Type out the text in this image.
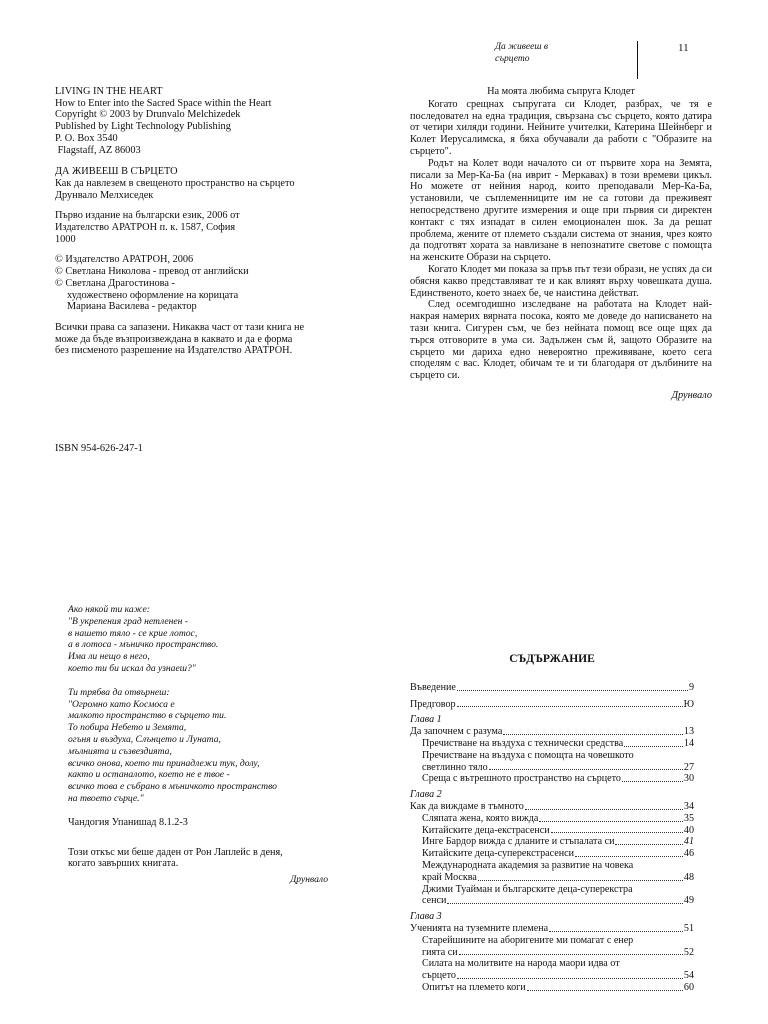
Да живееш в
сърцето
11
LIVING IN THE HEART
How to Enter into the Sacred Space within the Heart
Copyright © 2003 by Drunvalo Melchizedek
Published by Light Technology Publishing
P. O. Box 3540
Flagstaff, AZ 86003
ДА ЖИВЕЕШ В СЪРЦЕТО
Как да навлезем в свещеното пространство на сърцето
Друнвало Мелхиседек
Първо издание на български език, 2006 от
Издателство АРАТРОН п. к. 1587, София
1000
© Издателство АРАТРОН, 2006
© Светлана Николова - превод от английски
© Светлана Драгостинова -
художествено оформление на корицата
Мариана Василева - редактор
Всички права са запазени. Никаква част от тази книга не
може да бъде възпроизвеждана в каквато и да е форма
без писменото разрешение на Издателство АРАТРОН.
ISBN 954-626-247-1
На моята любима съпруга Клодет

Когато срещнах съпругата си Клодет, разбрах, че тя е последовател на една традиция, свързана със сърцето, която датира от четири хиляди години. Нейните учителки, Катерина Шейнберг и Колет Иерусалимска, я бяха обучавали да работи с "Образите на сърцето".

Родът на Колет води началото си от първите хора на Земята, писали за Мер-Ка-Ба (на иврит - Меркавах) в този времеви цикъл. Но можете от нейния народ, които преподавали Мер-Ка-Ба, установили, че съплеменниците им не са готови да преживеят непосредствено другите измерения и още при първия си директен контакт с тях изпадат в силен емоционален шок. За да решат проблема, жените от племето създали система от знания, чрез която да подготвят хората за навлизане в непознатите светове с помощта на женските Образи на сърцето.

Когато Клодет ми показа за пръв път тези образи, не успях да си обясня какво представляват те и как влияят върху човешката душа. Единственото, което знаех бе, че наистина действат.

След осемгодишно изследване на работата на Клодет най-накрая намерих вярната посока, която ме доведе до написването на тази книга. Сигурен съм, че без нейната помощ все още щях да търся отговорите в ума си. Задължен съм й, защото Образите на сърцето ми дариха едно невероятно преживяване, което сега споделям с вас. Клодет, обичам те и ти благодаря от дълбините на сърцето си.

Друнвало
Ако някой ти каже:
"В укрепения град нетленен -
в нашето тяло - се крие лотос,
а в лотоса - мъничко пространство.
Има ли нещо в него,
което ти би искал да узнаеш?"
Ти трябва да отвърнеш:
"Огромно като Космоса е
малкото пространство в сърцето ти.
То побира Небето и Земята,
огъня и въздуха, Слънцето и Луната,
мълнията и съзвездията,
всичко онова, което ти принадлежи тук, долу,
както и останалото, което не е твое -
всичко това е събрано в мъничкото пространство
на твоето сърце."
Чандогия Упанишад 8.1.2-3
Този откъс ми беше даден от Рон Лаплейс в деня,
когато завърших книгата.
Друнвало
СЪДЪРЖАНИЕ
Въведение	9
Предговор	Ю
Глава 1
Да започнем с разума	13
Пречистване на въздуха с технически средства	14
Пречистване на въздуха с помощта на човешкото
светлинно тяло	27
Среща с вътрешното пространство на сърцето	30
Глава 2
Как да виждаме в тъмното	34
Сляпата жена, която вижда	35
Китайските деца-екстрасенси	40
Инге Бардор вижда с дланите и стъпалата си	41
Китайските деца-суперекстрасенси	46
Международната академия за развитие на човека
край Москва	48
Джими Туайман и българските деца-суперекстра
сенси	49
Глава 3
Ученията на туземните племена	51
Старейшините на аборигените ми помагат с енер
гията си	52
Силата на молитвите на народа маори идва от
сърцето	54
Опитът на племето коги	60
